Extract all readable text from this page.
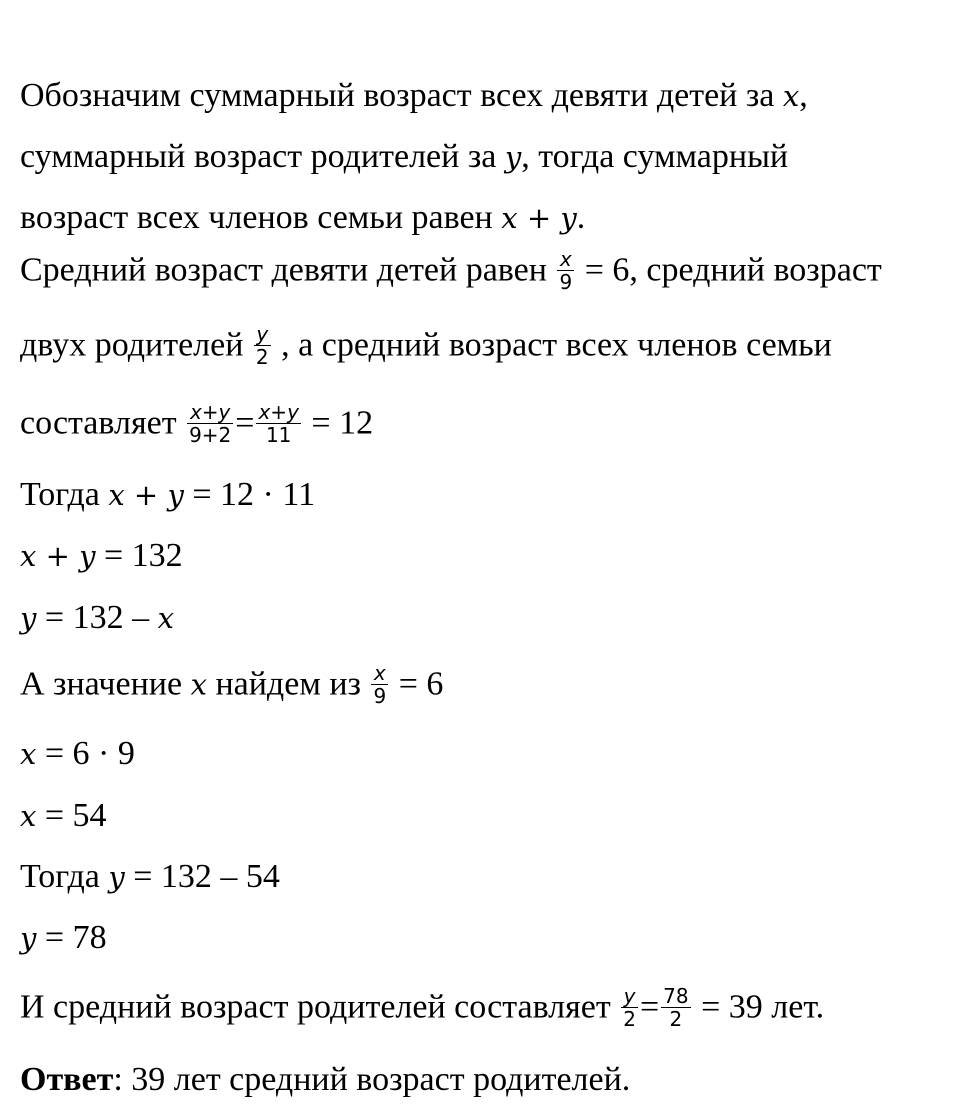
Обозначим суммарный возраст всех девяти детей за x,
суммарный возраст родителей за y, тогда суммарный
возраст всех членов семьи равен x + y.
Средний возраст девяти детей равен $\frac{x}{9} = 6$, средний возраст
двух родителей $\frac{y}{2}$ , а средний возраст всех членов семьи
составляет $\frac{x+y}{9+2} = \frac{x+y}{11} = 12$
Тогда x + y = 12 · 11
x + y = 132
y = 132 – x
А значение x найдем из $\frac{x}{9} = 6$
x = 6 · 9
x = 54
Тогда y = 132 – 54
y = 78
И средний возраст родителей составляет $\frac{y}{2} = \frac{78}{2} = 39$ лет.
Ответ: 39 лет средний возраст родителей.
